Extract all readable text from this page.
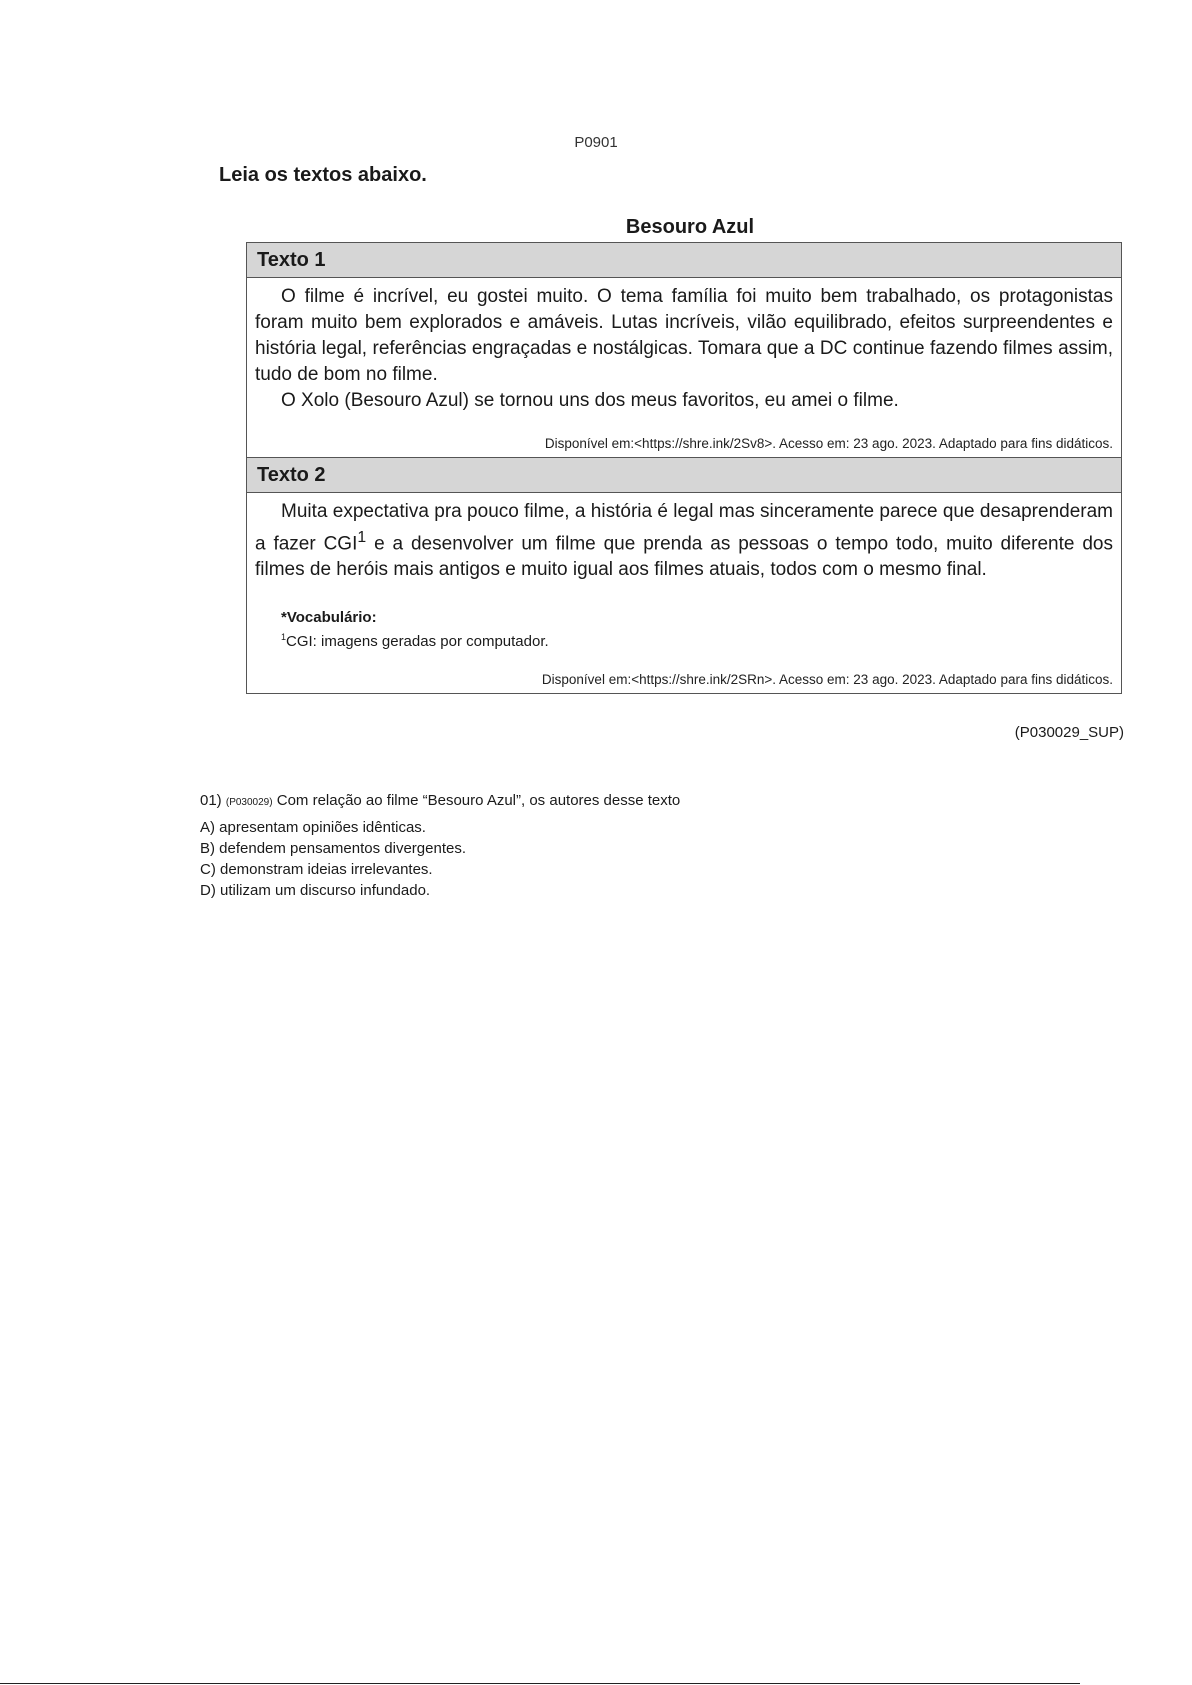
P0901
Leia os textos abaixo.
Besouro Azul
Texto 1

O filme é incrível, eu gostei muito. O tema família foi muito bem trabalhado, os protagonistas foram muito bem explorados e amáveis. Lutas incríveis, vilão equilibrado, efeitos surpreendentes e história legal, referências engraçadas e nostálgicas. Tomara que a DC continue fazendo filmes assim, tudo de bom no filme.

O Xolo (Besouro Azul) se tornou uns dos meus favoritos, eu amei o filme.

Disponível em:<https://shre.ink/2Sv8>. Acesso em: 23 ago. 2023. Adaptado para fins didáticos.
Texto 2

Muita expectativa pra pouco filme, a história é legal mas sinceramente parece que desaprenderam a fazer CGI$^1$ e a desenvolver um filme que prenda as pessoas o tempo todo, muito diferente dos filmes de heróis mais antigos e muito igual aos filmes atuais, todos com o mesmo final.

*Vocabulário:
$^1$CGI: imagens geradas por computador.
Disponível em:<https://shre.ink/2SRn>. Acesso em: 23 ago. 2023. Adaptado para fins didáticos.
(P030029_SUP)
01) (P030029) Com relação ao filme “Besouro Azul”, os autores desse texto
A) apresentam opiniões idênticas.
B) defendem pensamentos divergentes.
C) demonstram ideias irrelevantes.
D) utilizam um discurso infundado.
